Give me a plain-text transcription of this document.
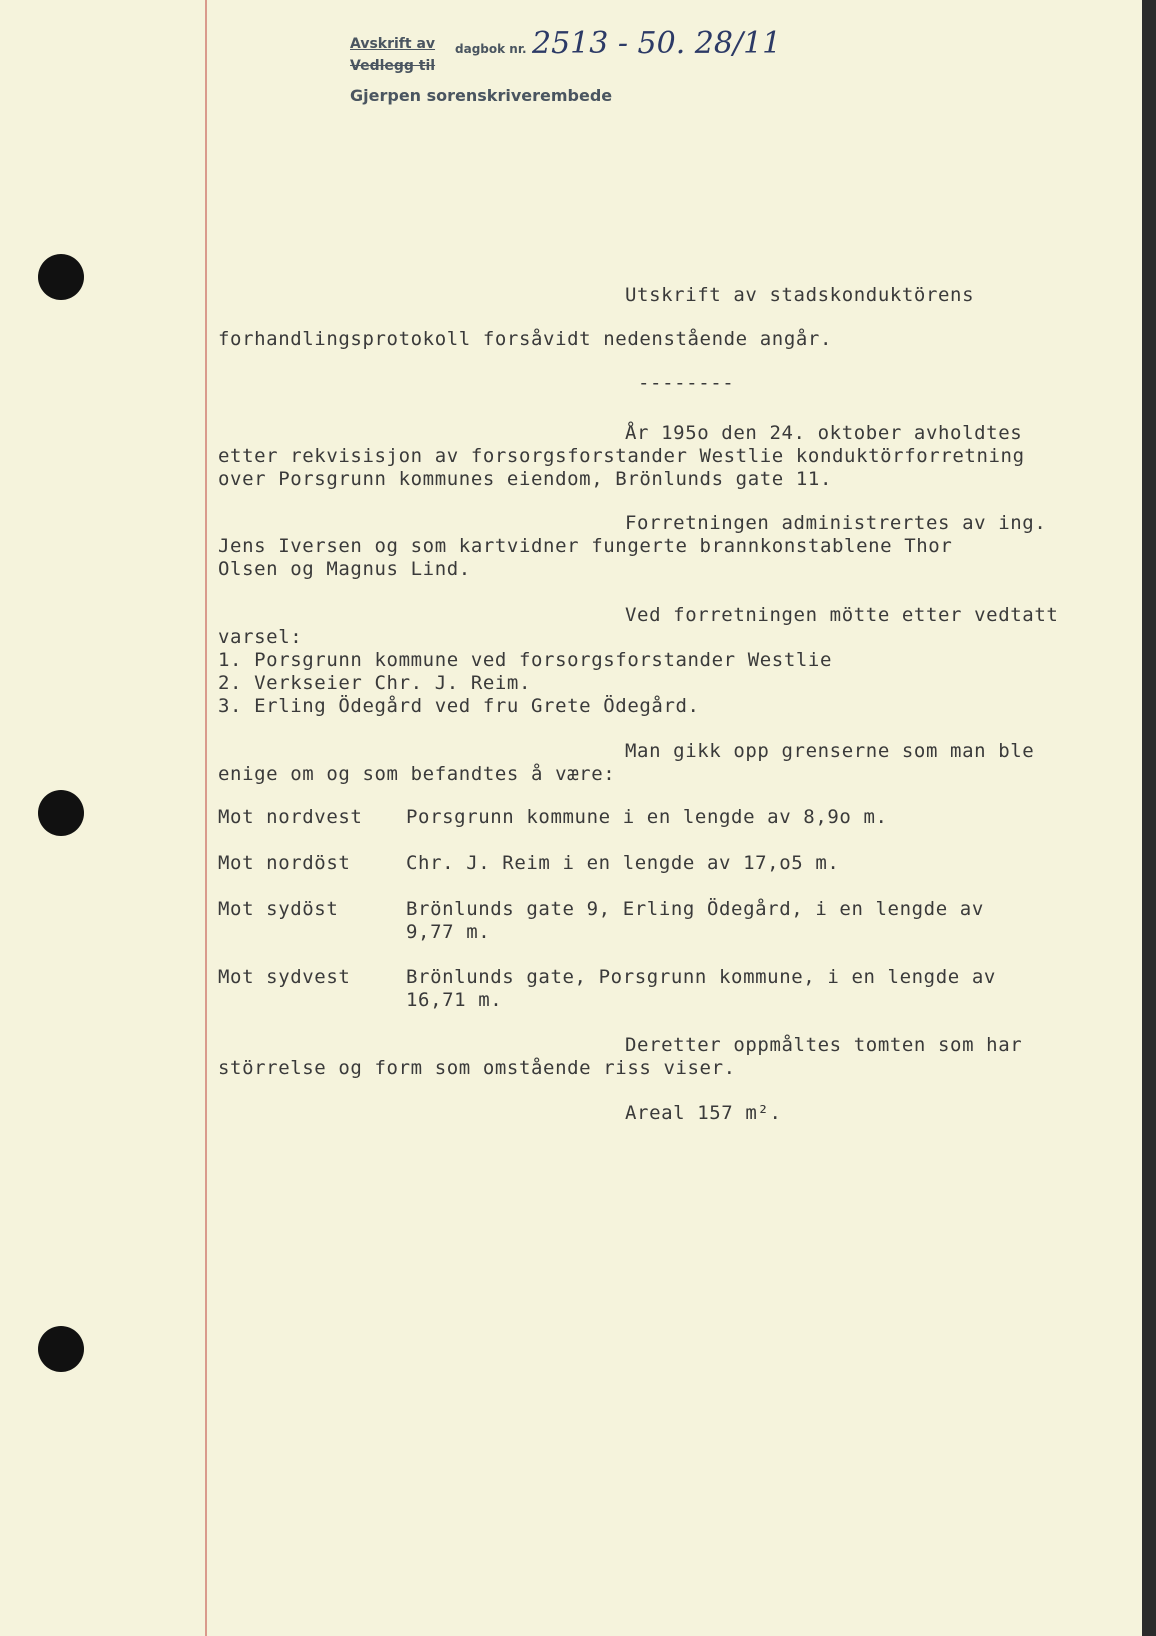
Avskrift av dagbok nr.
Vedlegg til
Gjerpen sorenskriverembede
2513 - 50. 28/11
Utskrift av stadskonduktörens
forhandlingsprotokoll forsåvidt nedenstående angår.
--------
År 195o den 24. oktober avholdtes
etter rekvisisjon av forsorgsforstander Westlie konduktörforretning
over Porsgrunn kommunes eiendom, Brönlunds gate 11.
Forretningen administrertes av ing.
Jens Iversen og som kartvidner fungerte brannkonstablene Thor
Olsen og Magnus Lind.
Ved forretningen mötte etter vedtatt
varsel:
1. Porsgrunn kommune ved forsorgsforstander Westlie
2. Verkseier Chr. J. Reim.
3. Erling Ödegård ved fru Grete Ödegård.
Man gikk opp grenserne som man ble
enige om og som befandtes å være:
Mot nordvest Porsgrunn kommune i en lengde av 8,9o m.
Mot nordöst	Chr. J. Reim i en lengde av 17,o5 m.
Mot sydöst	Brönlunds gate 9, Erling Ödegård, i en lengde av
9,77 m.
Mot sydvest	Brönlunds gate, Porsgrunn kommune, i en lengde av
16,71 m.
Deretter oppmåltes tomten som har
störrelse og form som omstående riss viser.
Areal 157 m².
